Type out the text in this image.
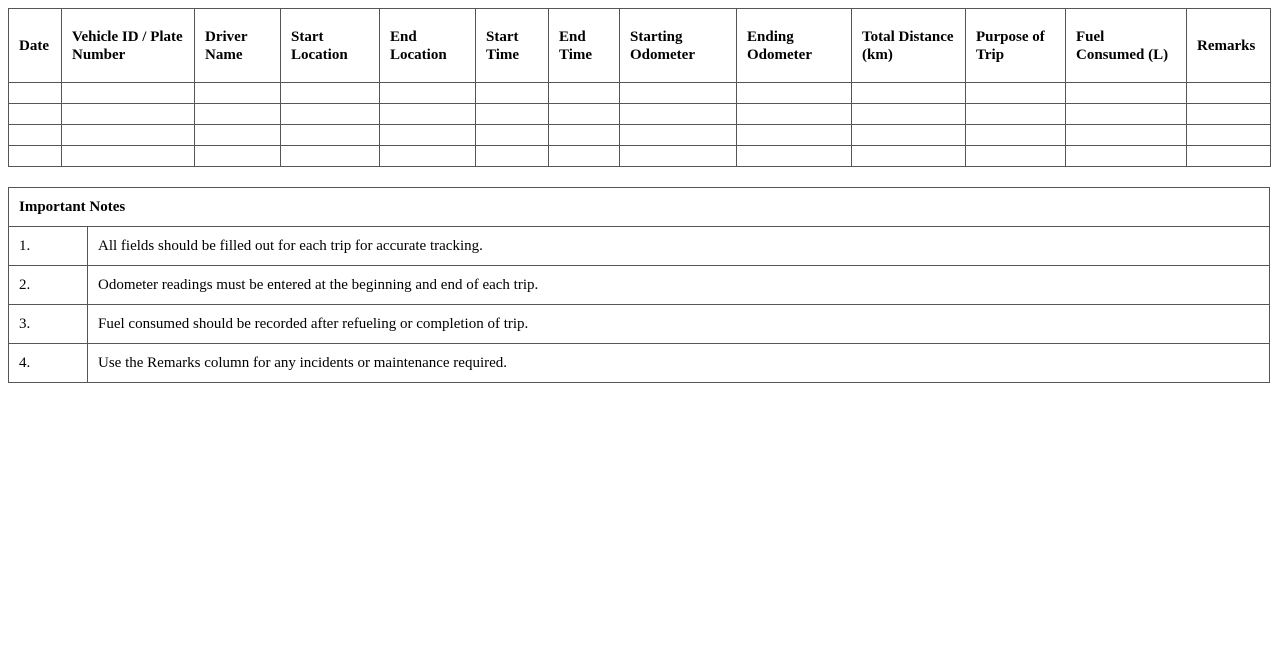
Date	Vehicle ID / Plate Number	Driver Name	Start Location	End Location	Start Time	End Time	Starting Odometer	Ending Odometer	Total Distance (km)	Purpose of Trip	Fuel Consumed (L)	Remarks

Important Notes	
1.	All fields should be filled out for each trip for accurate tracking.
2.	Odometer readings must be entered at the beginning and end of each trip.
3.	Fuel consumed should be recorded after refueling or completion of trip.
4.	Use the Remarks column for any incidents or maintenance required.
